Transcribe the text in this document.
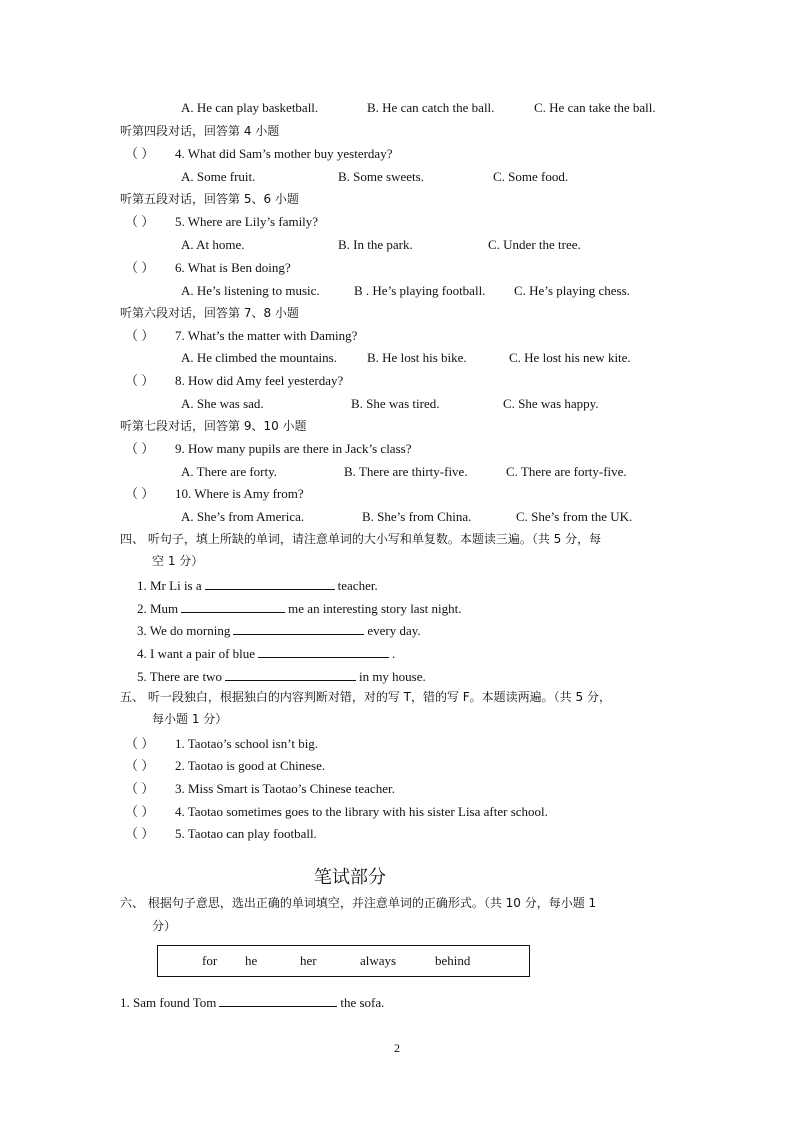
A. He can play basketball.	B. He can catch the ball.	C. He can take the ball.
听第四段对话，回答第 4 小题
（ ） 4. What did Sam’s mother buy yesterday?
A. Some fruit.	B. Some sweets.	C. Some food.
听第五段对话，回答第 5、6 小题
（ ） 5. Where are Lily’s family?
A. At home.	B. In the park.	C. Under the tree.
（ ） 6. What is Ben doing?
A. He’s listening to music.	B . He’s playing football. C. He’s playing chess.
听第六段对话，回答第 7、8 小题
（ ） 7. What’s the matter with Daming?
A. He climbed the mountains. B. He lost his bike.	C. He lost his new kite.
（ ） 8. How did Amy feel yesterday?
A. She was sad.	B. She was tired.	C. She was happy.
听第七段对话，回答第 9、10 小题
（ ） 9. How many pupils are there in Jack’s class?
A. There are forty.	B. There are thirty-five.	C. There are forty-five.
（ ） 10. Where is Amy from?
A. She’s from America.	B. She’s from China.	C. She’s from the UK.
四、 听句子，填上所缺的单词，请注意单词的大小写和单复数。本题读三遍。（共 5 分，每
空 1 分）
1. Mr Li is a	teacher.
2. Mum	me an interesting story last night.
3. We do morning	every day.
4. I want a pair of blue	.
5. There are two	in my house.
五、 听一段独白，根据独白的内容判断对错，对的写 T，错的写 F。本题读两遍。（共 5 分，
每小题 1 分）
（ ） 1. Taotao’s school isn’t big.
（ ） 2. Taotao is good at Chinese.
（ ） 3. Miss Smart is Taotao’s Chinese teacher.
（ ） 4. Taotao sometimes goes to the library with his sister Lisa after school.
（ ） 5. Taotao can play football.
笔试部分
六、 根据句子意思，选出正确的单词填空，并注意单词的正确形式。（共 10 分，每小题 1
分）
for he	her	always	behind
1. Sam found Tom	the sofa.
2
